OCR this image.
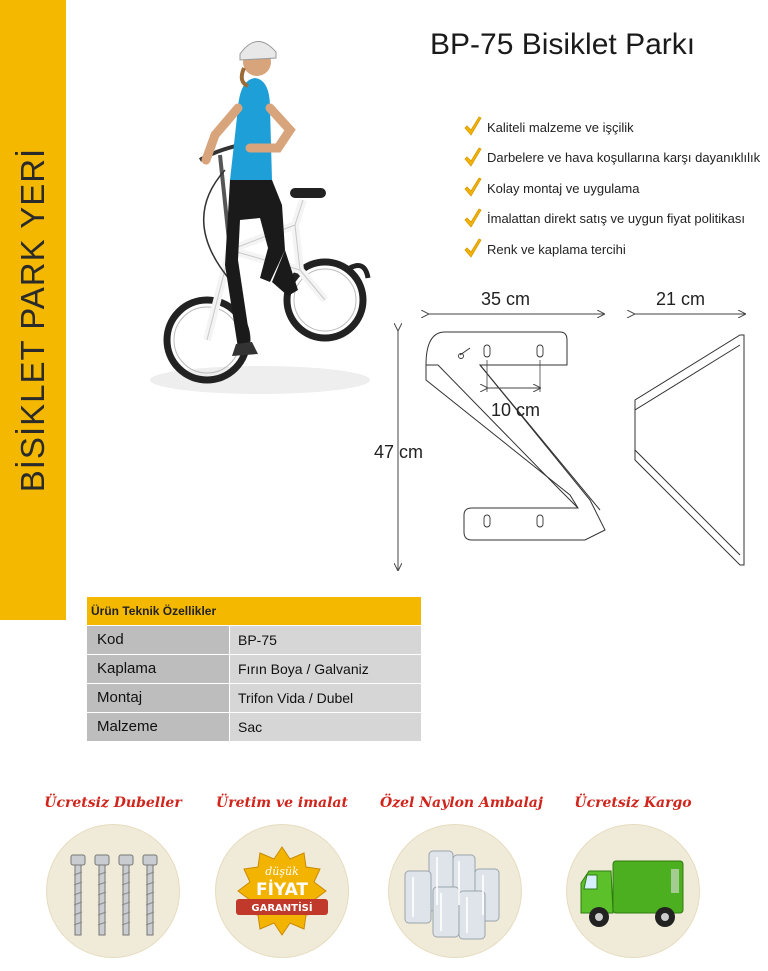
BİSİKLET PARK YERİ
BP-75 Bisiklet Parkı
Kaliteli malzeme ve işçilik
Darbelere ve hava koşullarına karşı dayanıklılık
Kolay montaj ve uygulama
İmalattan direkt satış ve uygun fiyat politikası
Renk ve kaplama tercihi
35 cm	21 cm
10 cm
47 cm
Ürün Teknik Özellikler
Kod	BP-75
Kaplama	Fırın Boya / Galvaniz
Montaj	Trifon Vida / Dubel
Malzeme	Sac
Ücretsiz Dubeller	Üretim ve imalat
düşük
FİYAT
GARANTİSİ
Özel Naylon Ambalaj	Ücretsiz Kargo
